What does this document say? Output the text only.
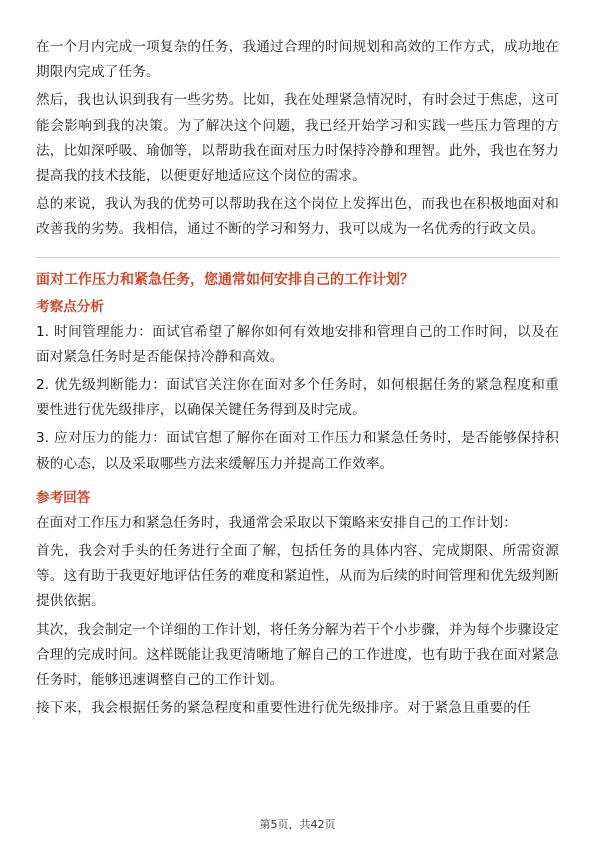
在一个月内完成一项复杂的任务，我通过合理的时间规划和高效的工作方式，成功地在期限内完成了任务。

然后，我也认识到我有一些劣势。比如，我在处理紧急情况时，有时会过于焦虑，这可能会影响到我的决策。为了解决这个问题，我已经开始学习和实践一些压力管理的方法，比如深呼吸、瑜伽等，以帮助我在面对压力时保持冷静和理智。此外，我也在努力提高我的技术技能，以便更好地适应这个岗位的需求。

总的来说，我认为我的优势可以帮助我在这个岗位上发挥出色，而我也在积极地面对和改善我的劣势。我相信，通过不断的学习和努力，我可以成为一名优秀的行政文员。

面对工作压力和紧急任务，您通常如何安排自己的工作计划？
考察点分析

1. 时间管理能力：面试官希望了解你如何有效地安排和管理自己的工作时间，以及在面对紧急任务时是否能保持冷静和高效。

2. 优先级判断能力：面试官关注你在面对多个任务时，如何根据任务的紧急程度和重要性进行优先级排序，以确保关键任务得到及时完成。

3. 应对压力的能力：面试官想了解你在面对工作压力和紧急任务时，是否能够保持积极的心态，以及采取哪些方法来缓解压力并提高工作效率。

参考回答

在面对工作压力和紧急任务时，我通常会采取以下策略来安排自己的工作计划：

首先，我会对手头的任务进行全面了解，包括任务的具体内容、完成期限、所需资源等。这有助于我更好地评估任务的难度和紧迫性，从而为后续的时间管理和优先级判断提供依据。

其次，我会制定一个详细的工作计划，将任务分解为若干个小步骤，并为每个步骤设定合理的完成时间。这样既能让我更清晰地了解自己的工作进度，也有助于我在面对紧急任务时，能够迅速调整自己的工作计划。

接下来，我会根据任务的紧急程度和重要性进行优先级排序。对于紧急且重要的任

第5页，共42页
